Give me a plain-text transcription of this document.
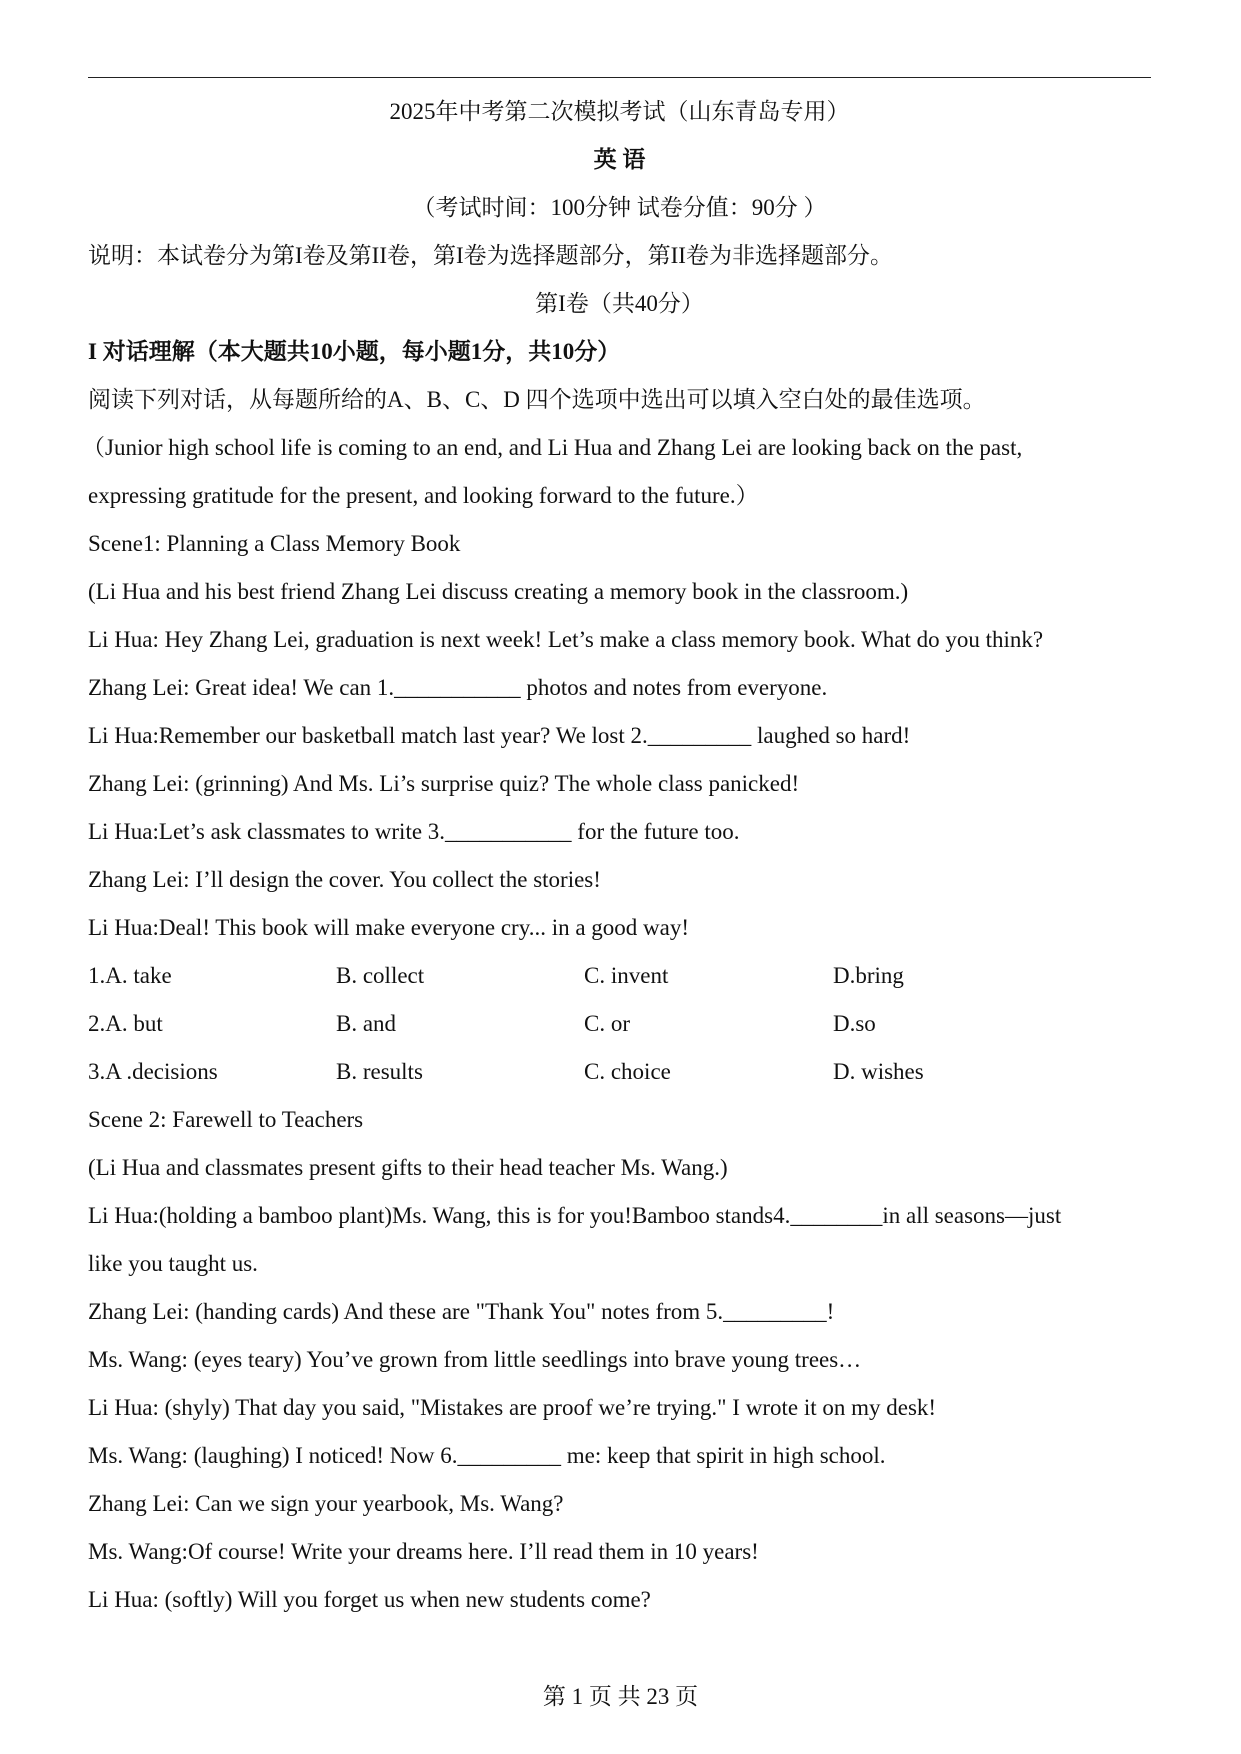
2025年中考第二次模拟考试（山东青岛专用）
英 语
（考试时间：100分钟 试卷分值：90分 ）
说明：本试卷分为第I卷及第II卷，第I卷为选择题部分，第II卷为非选择题部分。
第I卷（共40分）
I 对话理解（本大题共10小题，每小题1分，共10分）
阅读下列对话，从每题所给的A、B、C、D 四个选项中选出可以填入空白处的最佳选项。
（Junior high school life is coming to an end, and Li Hua and Zhang Lei are looking back on the past,
expressing gratitude for the present, and looking forward to the future.）
Scene1: Planning a Class Memory Book
(Li Hua and his best friend Zhang Lei discuss creating a memory book in the classroom.)
Li Hua: Hey Zhang Lei, graduation is next week! Let’s make a class memory book. What do you think?
Zhang Lei: Great idea! We can 1.___________ photos and notes from everyone.
Li Hua:Remember our basketball match last year? We lost 2._________ laughed so hard!
Zhang Lei: (grinning) And Ms. Li’s surprise quiz? The whole class panicked!
Li Hua:Let’s ask classmates to write 3.___________ for the future too.
Zhang Lei: I’ll design the cover. You collect the stories!
Li Hua:Deal! This book will make everyone cry... in a good way!
1.A. take	B. collect	C. invent	D.bring
2.A. but	B. and	C. or	D.so
3.A .decisions	B. results	C. choice	D. wishes
Scene 2: Farewell to Teachers
(Li Hua and classmates present gifts to their head teacher Ms. Wang.)
Li Hua:(holding a bamboo plant)Ms. Wang, this is for you!Bamboo stands4.________in all seasons—just
like you taught us.
Zhang Lei: (handing cards) And these are "Thank You" notes from 5._________!
Ms. Wang: (eyes teary) You’ve grown from little seedlings into brave young trees…
Li Hua: (shyly) That day you said, "Mistakes are proof we’re trying." I wrote it on my desk!
Ms. Wang: (laughing) I noticed! Now 6._________ me: keep that spirit in high school.
Zhang Lei: Can we sign your yearbook, Ms. Wang?
Ms. Wang:Of course! Write your dreams here. I’ll read them in 10 years!
Li Hua: (softly) Will you forget us when new students come?
第 1 页 共 23 页
